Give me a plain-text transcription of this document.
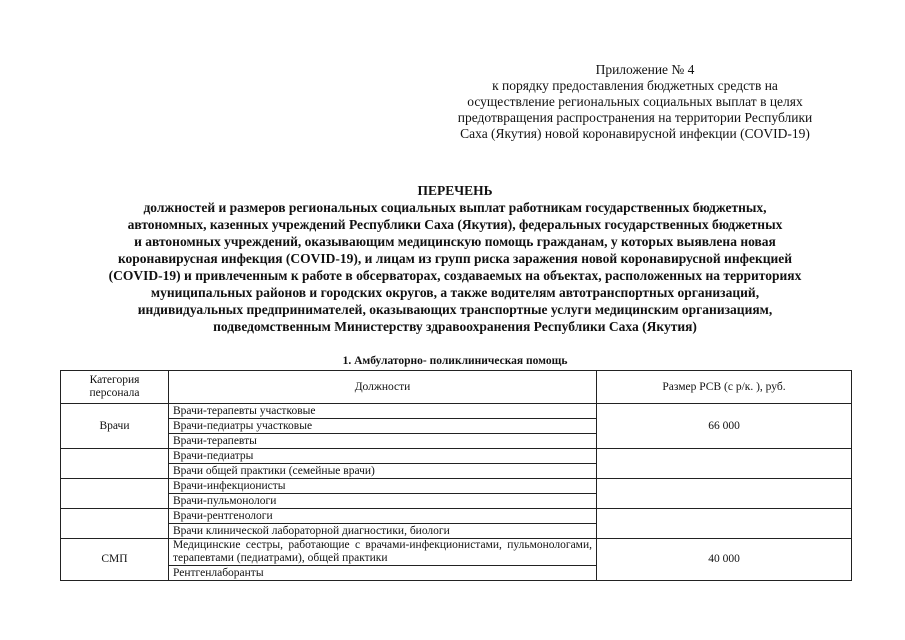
Приложение № 4
к порядку предоставления бюджетных средств на
осуществление региональных социальных выплат в целях
предотвращения распространения на территории Республики
Саха (Якутия) новой коронавирусной инфекции (COVID-19)
ПЕРЕЧЕНЬ
должностей и размеров региональных социальных выплат работникам государственных бюджетных,
автономных, казенных учреждений Республики Саха (Якутия), федеральных государственных бюджетных
и автономных учреждений, оказывающим медицинскую помощь гражданам, у которых выявлена новая
коронавирусная инфекция (COVID-19), и лицам из групп риска заражения новой коронавирусной инфекцией
(COVID-19) и привлеченным к работе в обсерваторах, создаваемых на объектах, расположенных на территориях
муниципальных районов и городских округов, а также водителям автотранспортных организаций,
индивидуальных предпринимателей, оказывающих транспортные услуги медицинским организациям,
подведомственным Министерству здравоохранения Республики Саха (Якутия)
1. Амбулаторно- поликлиническая помощь
Категория персонала	Должности	Размер РСВ (с р/к. ), руб.
Врачи	Врачи-терапевты участковые	66 000
	Врачи-педиатры участковые	
	Врачи-терапевты	
	Врачи-педиатры	
	Врачи общей практики (семейные врачи)	
	Врачи-инфекционисты	
	Врачи-пульмонологи	
	Врачи-рентгенологи	
	Врачи клинической лабораторной диагностики, биологи	
СМП	Медицинские сестры, работающие с врачами-инфекционистами, пульмонологами, терапевтами (педиатрами), общей практики	40 000
	Рентгенлаборанты	
